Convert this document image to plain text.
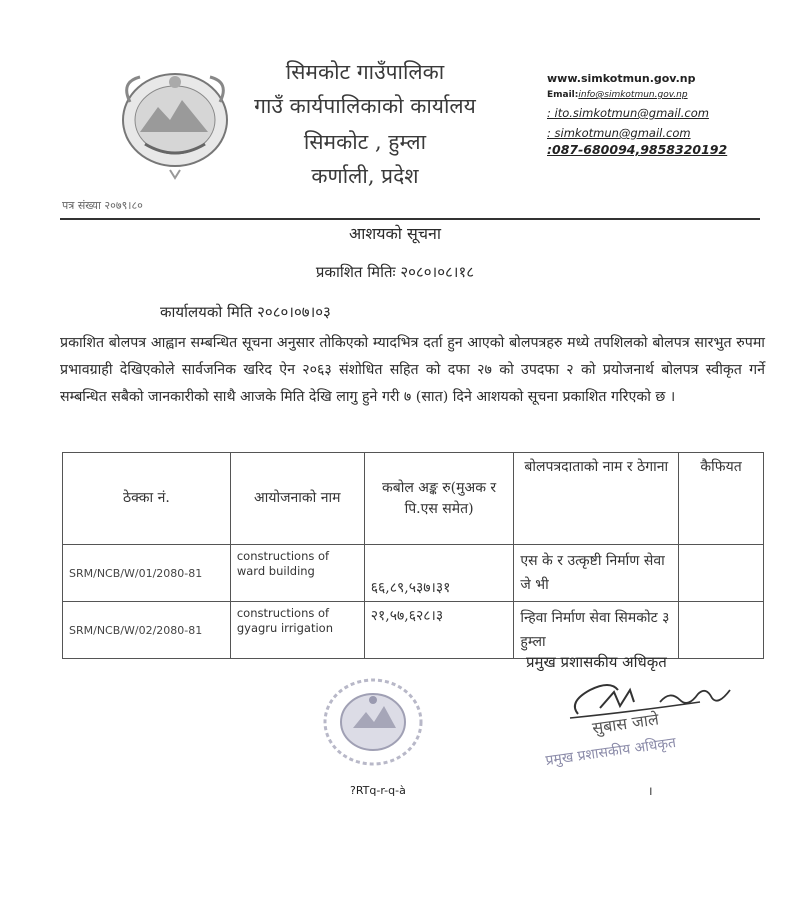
सिमकोट गाउँपालिका
गाउँ कार्यपालिकाको कार्यालय
सिमकोट , हुम्ला
कर्णाली, प्रदेश
www.simkotmun.gov.np
Email:info@simkotmun.gov.np
: ito.simkotmun@gmail.com
: simkotmun@gmail.com
:087-680094,9858320192
पत्र संख्या २०७९।८०
आशयको सूचना
प्रकाशित मितिः २०८०।०८।१८
कार्यालयको मिति २०८०।०७।०३
प्रकाशित बोलपत्र आह्वान सम्बन्धित सूचना अनुसार तोकिएको म्यादभित्र दर्ता हुन आएको बोलपत्रहरु मध्ये तपशिलको बोलपत्र सारभुत रुपमा प्रभावग्राही देखिएकोले सार्वजनिक खरिद ऐन २०६३ संशोधित सहित को दफा २७ को उपदफा २ को प्रयोजनार्थ बोलपत्र स्वीकृत गर्ने सम्बन्धित सबैको जानकारीको साथै आजके मिति देखि लागु हुने गरी ७ (सात) दिने आशयको सूचना प्रकाशित गरिएको छ ।
ठेक्का नं.	आयोजनाको नाम	कबोल अङ्क रु(मुअक र पि.एस समेत)	बोलपत्रदाताको नाम र ठेगाना	कैफियत
SRM/NCB/W/01/2080-81	constructions of ward building	६६,८९,५३७।३१	एस के र उत्कृष्टी निर्माण सेवा जे भी	
SRM/NCB/W/02/2080-81	constructions of gyagru irrigation	२१,५७,६२८।३	न्हिवा निर्माण सेवा सिमकोट ३ हुम्ला	
प्रमुख प्रशासकीय अधिकृत
सुबास जाले
प्रमुख प्रशासकीय अधिकृत
?RTq-r-q-à	।
